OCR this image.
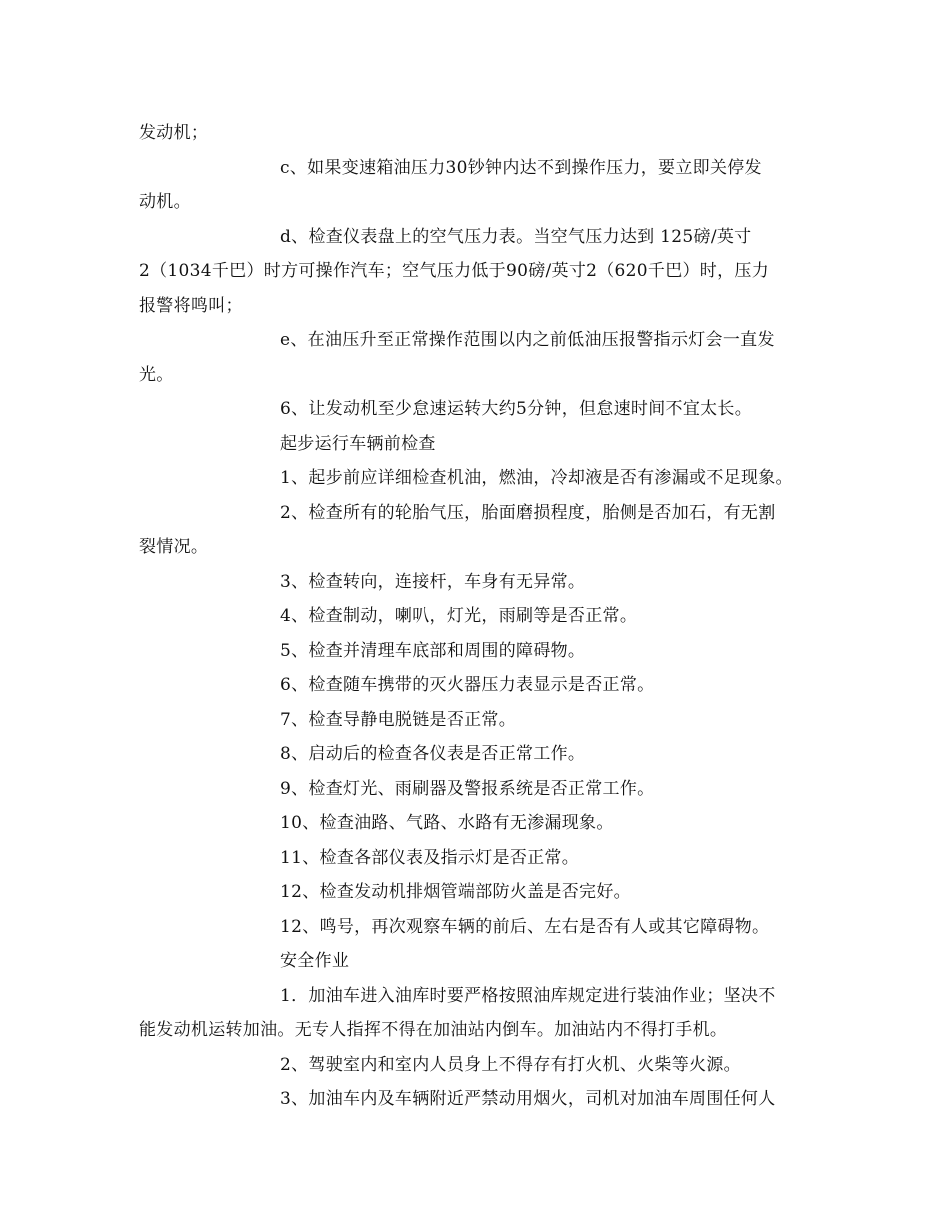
发动机；
c、如果变速箱油压力30钞钟内达不到操作压力，要立即关停发
动机。
d、检查仪表盘上的空气压力表。当空气压力达到 125磅/英寸
2（1034千巴）时方可操作汽车；空气压力低于90磅/英寸2（620千巴）时，压力
报警将鸣叫；
e、在油压升至正常操作范围以内之前低油压报警指示灯会一直发
光。
6、让发动机至少怠速运转大约5分钟，但怠速时间不宜太长。
起步运行车辆前检查
1、起步前应详细检查机油，燃油，冷却液是否有渗漏或不足现象。
2、检查所有的轮胎气压，胎面磨损程度，胎侧是否加石，有无割
裂情况。
3、检查转向，连接杆，车身有无异常。
4、检查制动，喇叭，灯光，雨刷等是否正常。
5、检查并清理车底部和周围的障碍物。
6、检查随车携带的灭火器压力表显示是否正常。
7、检查导静电脱链是否正常。
8、启动后的检查各仪表是否正常工作。
9、检查灯光、雨刷器及警报系统是否正常工作。
10、检查油路、气路、水路有无渗漏现象。
11、检查各部仪表及指示灯是否正常。
12、检查发动机排烟管端部防火盖是否完好。
12、鸣号，再次观察车辆的前后、左右是否有人或其它障碍物。
安全作业
1．加油车进入油库时要严格按照油库规定进行装油作业；坚决不
能发动机运转加油。无专人指挥不得在加油站内倒车。加油站内不得打手机。
2、驾驶室内和室内人员身上不得存有打火机、火柴等火源。
3、加油车内及车辆附近严禁动用烟火，司机对加油车周围任何人
